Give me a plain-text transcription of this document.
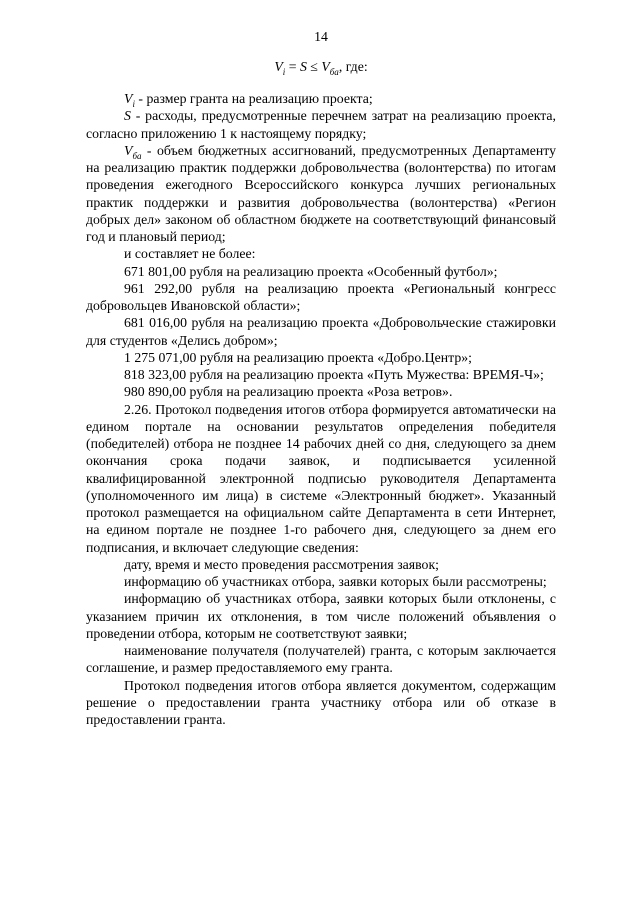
14
$V_i = S \le V_{ба}$, где:

$V_i$ - размер гранта на реализацию проекта;

S - расходы, предусмотренные перечнем затрат на реализацию проекта, согласно приложению 1 к настоящему порядку;

$V_{ба}$ - объем бюджетных ассигнований, предусмотренных Департаменту на реализацию практик поддержки добровольчества (волонтерства) по итогам проведения ежегодного Всероссийского конкурса лучших региональных практик поддержки и развития добровольчества (волонтерства) «Регион добрых дел» законом об областном бюджете на соответствующий финансовый год и плановый период;

и составляет не более:

671 801,00 рубля на реализацию проекта «Особенный футбол»;

961 292,00 рубля на реализацию проекта «Региональный конгресс добровольцев Ивановской области»;

681 016,00 рубля на реализацию проекта «Добровольческие стажировки для студентов «Делись добром»;

1 275 071,00 рубля на реализацию проекта «Добро.Центр»;

818 323,00 рубля на реализацию проекта «Путь Мужества: ВРЕМЯ-Ч»;

980 890,00 рубля на реализацию проекта «Роза ветров».

2.26. Протокол подведения итогов отбора формируется автоматически на едином портале на основании результатов определения победителя (победителей) отбора не позднее 14 рабочих дней со дня, следующего за днем окончания срока подачи заявок, и подписывается усиленной квалифицированной электронной подписью руководителя Департамента (уполномоченного им лица) в системе «Электронный бюджет». Указанный протокол размещается на официальном сайте Департамента в сети Интернет, на едином портале не позднее 1-го рабочего дня, следующего за днем его подписания, и включает следующие сведения:

дату, время и место проведения рассмотрения заявок;

информацию об участниках отбора, заявки которых были рассмотрены;

информацию об участниках отбора, заявки которых были отклонены, с указанием причин их отклонения, в том числе положений объявления о проведении отбора, которым не соответствуют заявки;

наименование получателя (получателей) гранта, с которым заключается соглашение, и размер предоставляемого ему гранта.

Протокол подведения итогов отбора является документом, содержащим решение о предоставлении гранта участнику отбора или об отказе в предоставлении гранта.
